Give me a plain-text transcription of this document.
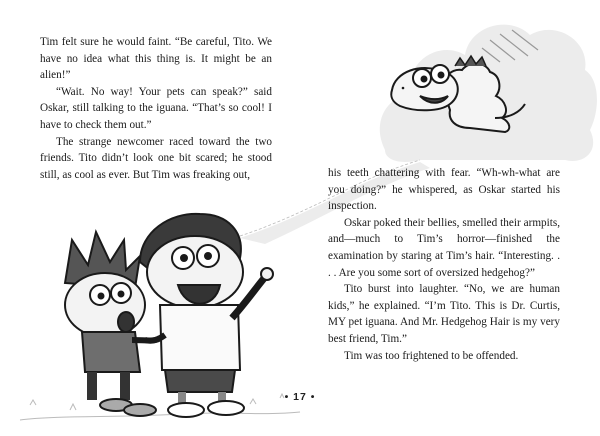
Tim felt sure he would faint. “Be careful, Tito. We have no idea what this thing is. It might be an alien!”

“Wait. No way! Your pets can speak?” said Oskar, still talking to the iguana. “That’s so cool! I have to check them out.”

The strange newcomer raced toward the two friends. Tito didn’t look one bit scared; he stood still, as cool as ever. But Tim was freaking out,	his teeth chattering with fear. “Wh-wh-what are you doing?” he whispered, as Oskar started his inspection.

Oskar poked their bellies, smelled their armpits, and—much to Tim’s horror—finished the examination by staring at Tim’s hair. “Interesting. . . . Are you some sort of oversized hedgehog?”

Tito burst into laughter. “No, we are human kids,” he explained. “I’m Tito. This is Dr. Curtis, MY pet iguana. And Mr. Hedgehog Hair is my very best friend, Tim.”

Tim was too frightened to be offended.

• 17 •
